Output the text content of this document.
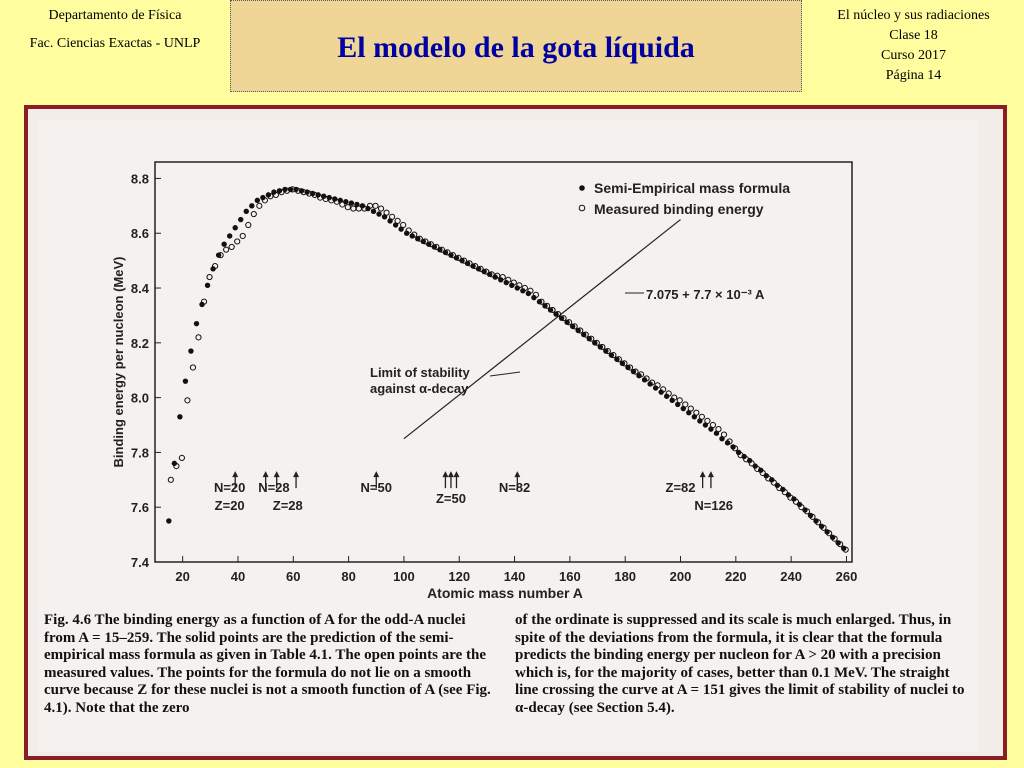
Departamento de Física
Fac. Ciencias Exactas - UNLP	El modelo de la gota líquida
El núcleo y sus radiaciones
Clase 18
Curso 2017
Página 14
20	40	60	80	100	120	140	160	180	200	220	240	260
7.4
7.6
7.8
8.0
8.2
8.4
8.6
8.8
N=20 N=28
Z=20 Z=28
N=50
Z=50
N=82	Z=82
N=126
Binding energy per nucleon (MeV)
Atomic mass number A
Semi-Empirical mass formula
Measured binding energy
7.075 + 7.7 × 10⁻³ A
Limit of stability
against α-decay
Fig. 4.6 The binding energy as a function of A for the odd-A nuclei from A = 15–259. The solid points are the prediction of the semi-empirical mass formula as given in Table 4.1. The open points are the measured values. The points for the formula do not lie on a smooth curve because Z for these nuclei is not a smooth function of A (see Fig. 4.1). Note that the zero
of the ordinate is suppressed and its scale is much enlarged. Thus, in spite of the deviations from the formula, it is clear that the formula predicts the binding energy per nucleon for A > 20 with a precision which is, for the majority of cases, better than 0.1 MeV. The straight line crossing the curve at A = 151 gives the limit of stability of nuclei to α-decay (see Section 5.4).
